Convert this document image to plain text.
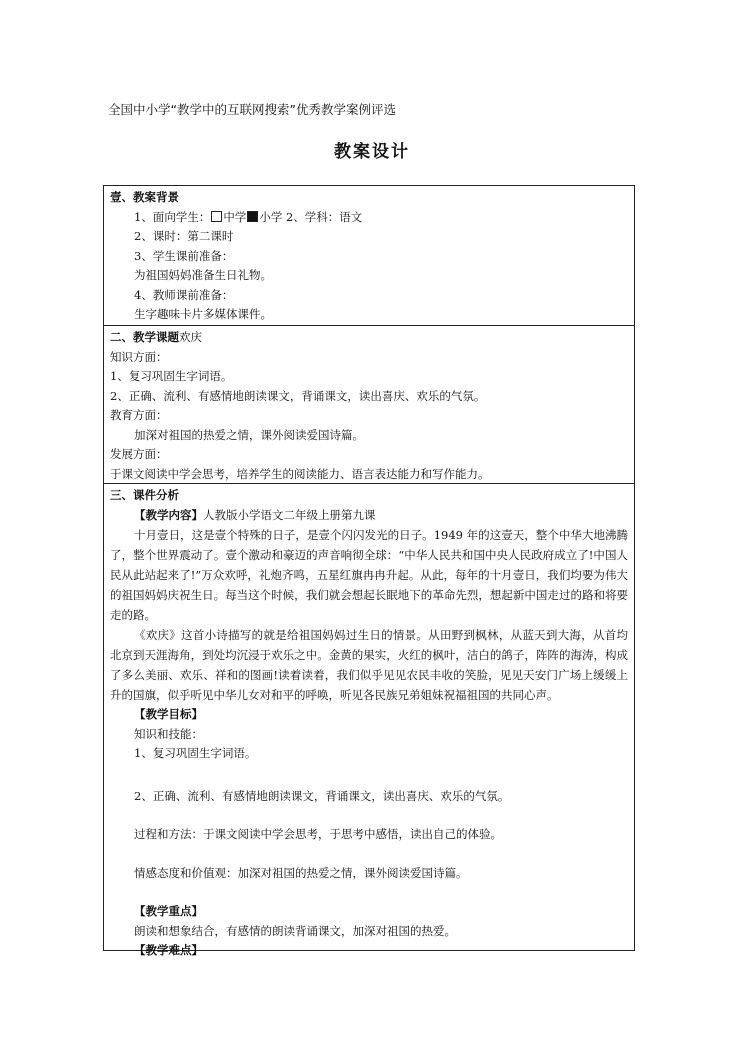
全国中小学“教学中的互联网搜索”优秀教学案例评选
教案设计
壹、教案背景
1、面向学生： 中学 小学 2、学科：语文
2、课时：第二课时
3、学生课前准备：
为祖国妈妈准备生日礼物。
4、教师课前准备：
生字趣味卡片多媒体课件。
二、教学课题欢庆
知识方面：
1、复习巩固生字词语。
2、正确、流利、有感情地朗读课文，背诵课文，读出喜庆、欢乐的气氛。
教育方面：
加深对祖国的热爱之情，课外阅读爱国诗篇。
发展方面：
于课文阅读中学会思考，培养学生的阅读能力、语言表达能力和写作能力。
三、课件分析
【教学内容】人教版小学语文二年级上册第九课

十月壹日，这是壹个特殊的日子，是壹个闪闪发光的日子。1949 年的这壹天，整个中华大地沸腾了，整个世界震动了。壹个激动和豪迈的声音响彻全球：“中华人民共和国中央人民政府成立了!中国人民从此站起来了!”万众欢呼，礼炮齐鸣，五星红旗冉冉升起。从此，每年的十月壹日，我们均要为伟大的祖国妈妈庆祝生日。每当这个时候，我们就会想起长眠地下的革命先烈，想起新中国走过的路和将要走的路。

《欢庆》这首小诗描写的就是给祖国妈妈过生日的情景。从田野到枫林，从蓝天到大海，从首均北京到天涯海角，到处均沉浸于欢乐之中。金黄的果实，火红的枫叶，洁白的鸽子，阵阵的海涛，构成了多么美丽、欢乐、祥和的图画!读着读着，我们似乎见见农民丰收的笑脸，见见天安门广场上缓缓上升的国旗，似乎听见中华儿女对和平的呼唤，听见各民族兄弟姐妹祝福祖国的共同心声。

【教学目标】
知识和技能：
1、复习巩固生字词语。
2、正确、流利、有感情地朗读课文，背诵课文，读出喜庆、欢乐的气氛。
过程和方法：于课文阅读中学会思考，于思考中感悟，读出自己的体验。
情感态度和价值观：加深对祖国的热爱之情，课外阅读爱国诗篇。
【教学重点】
朗读和想象结合，有感情的朗读背诵课文，加深对祖国的热爱。
【教学难点】
